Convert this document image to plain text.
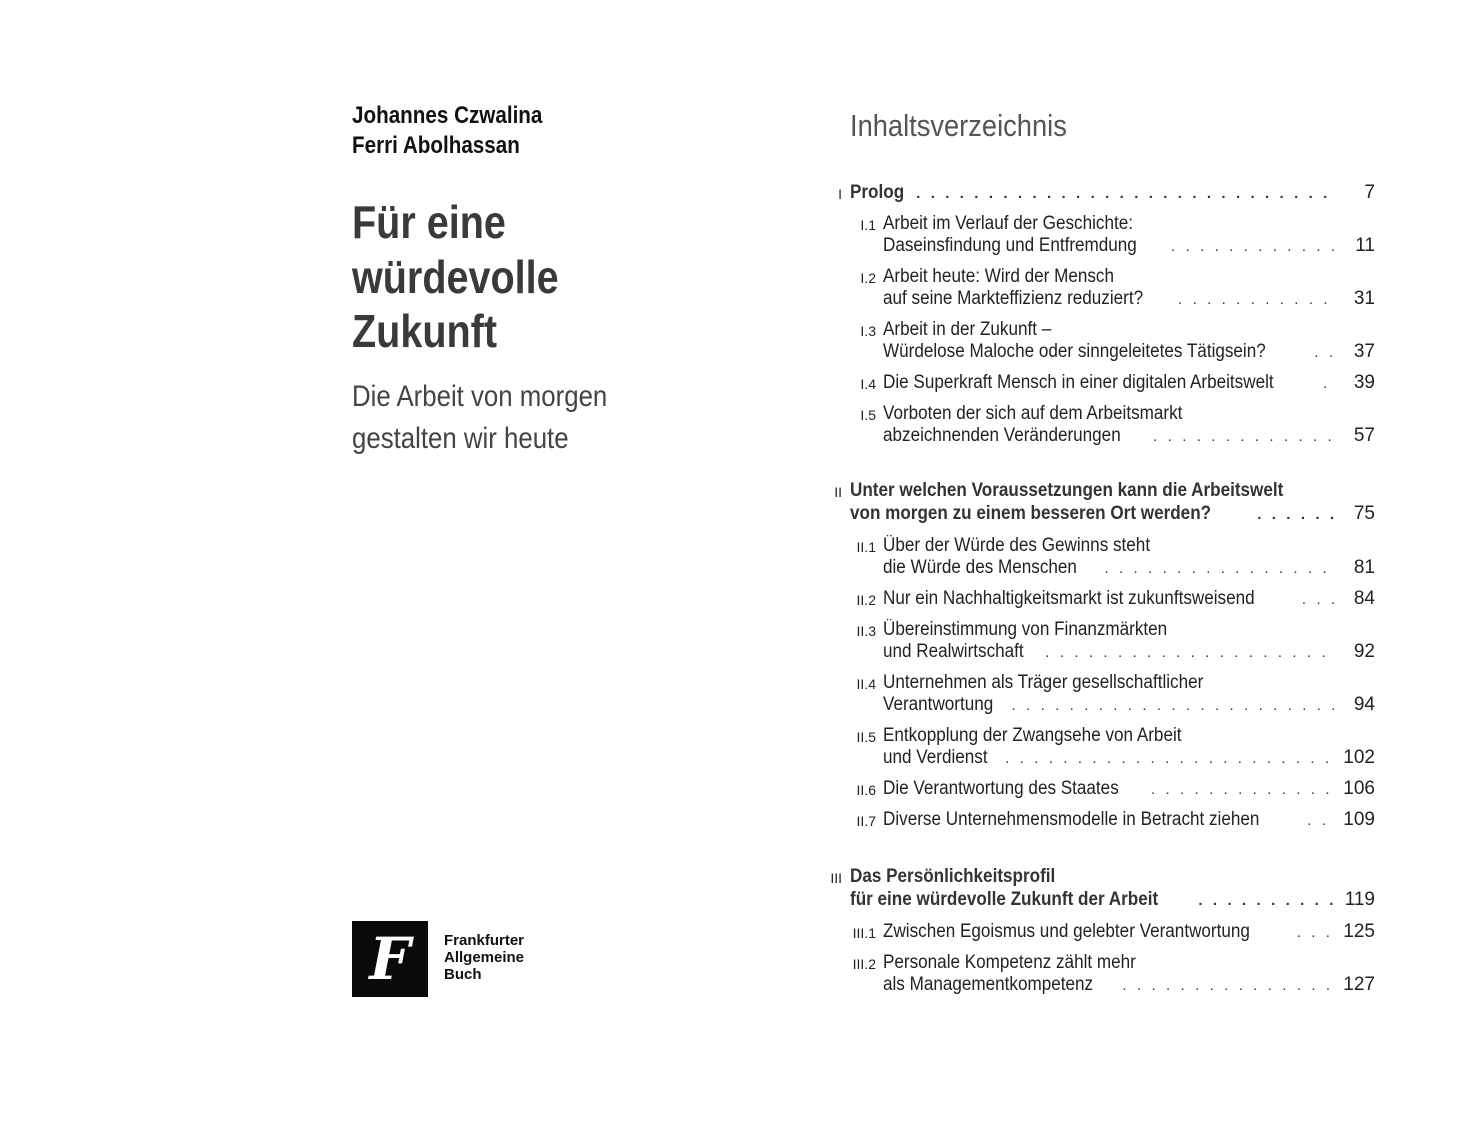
Johannes Czwalina
Ferri Abolhassan
Für eine
würdevolle
Zukunft
Die Arbeit von morgen
gestalten wir heute
F Frankfurter
Allgemeine
Buch
Inhaltsverzeichnis
I Prolog . . .	7
I.1 Arbeit im Verlauf der Geschichte:
Daseinsfindung und Entfremdung . . .	11
I.2 Arbeit heute: Wird der Mensch
auf seine Markteffizienz reduziert? . . .	31
I.3 Arbeit in der Zukunft –
Würdelose Maloche oder sinngeleitetes Tätigsein? . . .	37
I.4 Die Superkraft Mensch in einer digitalen Arbeitswelt . . .	39
I.5 Vorboten der sich auf dem Arbeitsmarkt
abzeichnenden Veränderungen . . .	57
II Unter welchen Voraussetzungen kann die Arbeitswelt
von morgen zu einem besseren Ort werden? . . .	75
II.1 Über der Würde des Gewinns steht
die Würde des Menschen . . .	81
II.2 Nur ein Nachhaltigkeitsmarkt ist zukunftsweisend . . .	84
II.3 Übereinstimmung von Finanzmärkten
und Realwirtschaft . . .	92
II.4 Unternehmen als Träger gesellschaftlicher
Verantwortung . . .	94
II.5 Entkopplung der Zwangsehe von Arbeit
und Verdienst . . .	102
II.6 Die Verantwortung des Staates . . .	106
II.7 Diverse Unternehmensmodelle in Betracht ziehen . . .	109
III Das Persönlichkeitsprofil
für eine würdevolle Zukunft der Arbeit . . .	119
III.1 Zwischen Egoismus und gelebter Verantwortung . . .	125
III.2 Personale Kompetenz zählt mehr
als Managementkompetenz . . .	127
